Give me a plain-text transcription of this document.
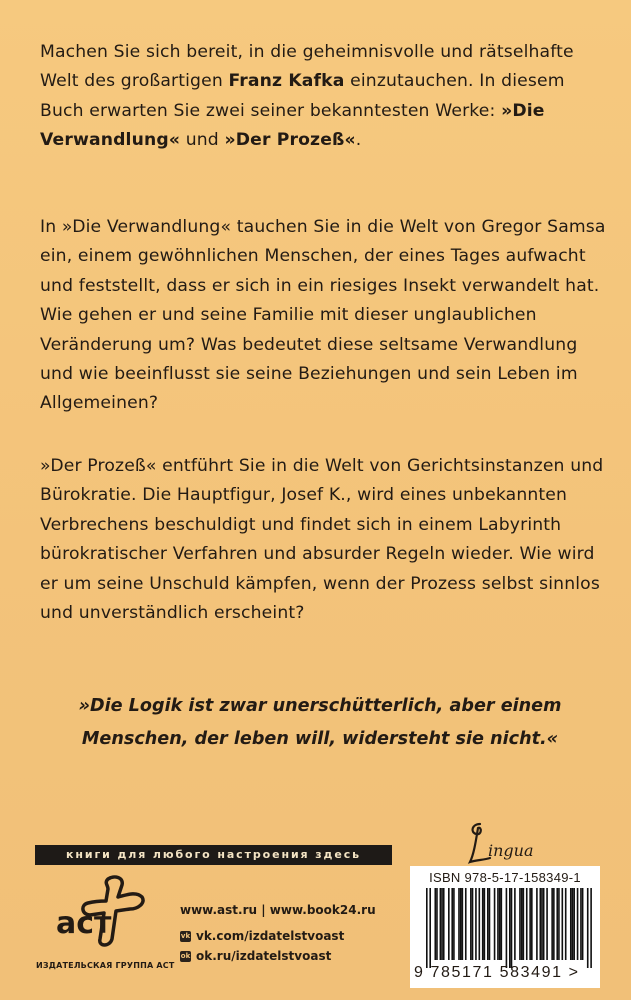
Machen Sie sich bereit, in die geheimnisvolle und rätselhafte Welt des großartigen Franz Kafka einzutauchen. In diesem Buch erwarten Sie zwei seiner bekanntesten Werke: »Die Verwandlung« und »Der Prozeß«.

In »Die Verwandlung« tauchen Sie in die Welt von Gregor Samsa ein, einem gewöhnlichen Menschen, der eines Tages aufwacht und feststellt, dass er sich in ein riesiges Insekt verwandelt hat. Wie gehen er und seine Familie mit dieser unglaublichen Veränderung um? Was bedeutet diese seltsame Verwandlung und wie beeinflusst sie seine Beziehungen und sein Leben im Allgemeinen?

»Der Prozeß« entführt Sie in die Welt von Gerichtsinstanzen und Bürokratie. Die Hauptfigur, Josef K., wird eines unbekannten Verbrechens beschuldigt und findet sich in einem Labyrinth bürokratischer Verfahren und absurder Regeln wieder. Wie wird er um seine Unschuld kämpfen, wenn der Prozess selbst sinnlos und unverständlich erscheint?

»Die Logik ist zwar unerschütterlich, aber einem Menschen, der leben will, widersteht sie nicht.«

книги для любого настроения здесь	ingua
аст
ИЗДАТЕЛЬСКАЯ ГРУППА АСТ
www.ast.ru | www.book24.ru
vk vk.com/izdatelstvoast
ok ok.ru/izdatelstvoast
ISBN 978-5-17-158349-1
9 785171 583491 >
